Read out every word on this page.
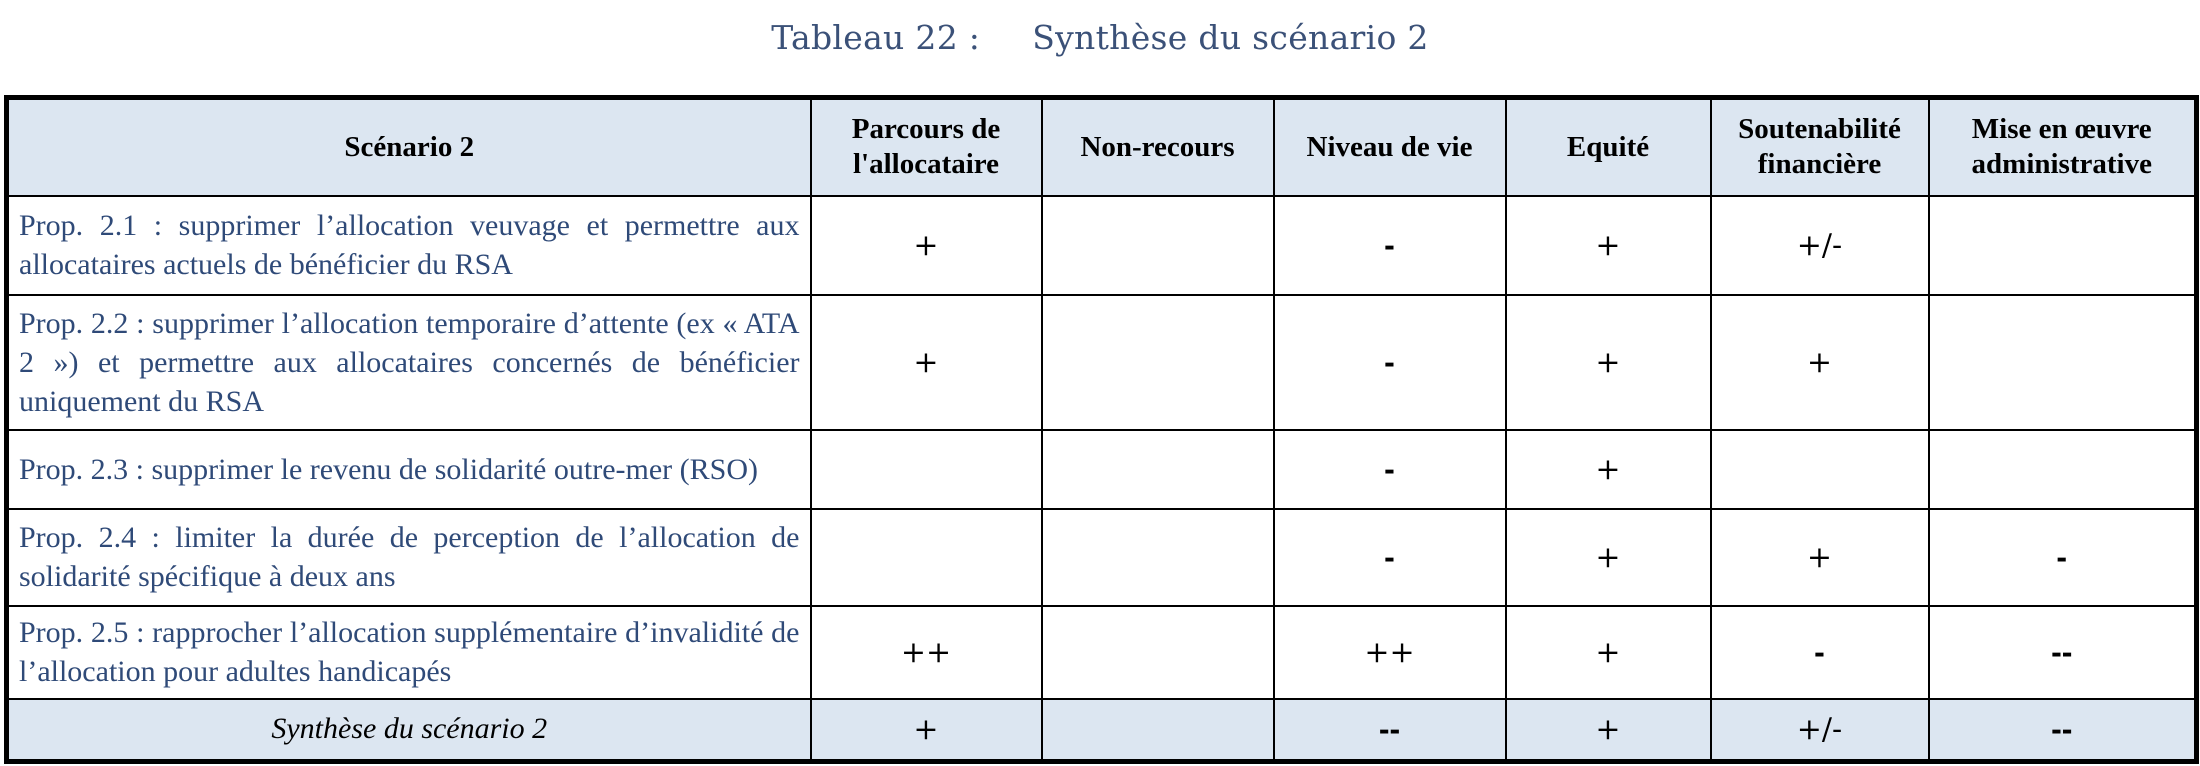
Tableau 22 : Synthèse du scénario 2
Scénario 2	Parcours de l'allocataire	Non-recours	Niveau de vie	Equité	Soutenabilité financière	Mise en œuvre administrative
Prop. 2.1 : supprimer l’allocation veuvage et permettre aux allocataires actuels de bénéficier du RSA	+		-	+	+/-	
Prop. 2.2 : supprimer l’allocation temporaire d’attente (ex « ATA 2 ») et permettre aux allocataires concernés de bénéficier uniquement du RSA	+		-	+	+	
Prop. 2.3 : supprimer le revenu de solidarité outre-mer (RSO)			-	+		
Prop. 2.4 : limiter la durée de perception de l’allocation de solidarité spécifique à deux ans			-	+	+	-
Prop. 2.5 : rapprocher l’allocation supplémentaire d’invalidité de l’allocation pour adultes handicapés	++		++	+	-	--
Synthèse du scénario 2	+		--	+	+/-	--
